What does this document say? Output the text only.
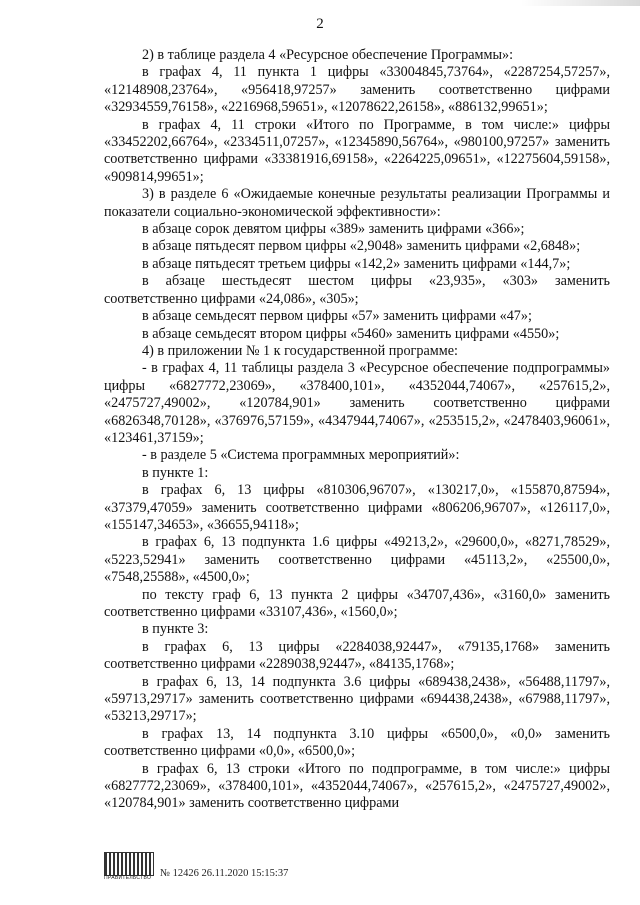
2

2) в таблице раздела 4 «Ресурсное обеспечение Программы»:

в графах 4, 11 пункта 1 цифры «33004845,73764», «2287254,57257», «12148908,23764», «956418,97257» заменить соответственно цифрами «32934559,76158», «2216968,59651», «12078622,26158», «886132,99651»;

в графах 4, 11 строки «Итого по Программе, в том числе:» цифры «33452202,66764», «2334511,07257», «12345890,56764», «980100,97257» заменить соответственно цифрами «33381916,69158», «2264225,09651», «12275604,59158», «909814,99651»;

3) в разделе 6 «Ожидаемые конечные результаты реализации Программы и показатели социально-экономической эффективности»:

в абзаце сорок девятом цифры «389» заменить цифрами «366»;

в абзаце пятьдесят первом цифры «2,9048» заменить цифрами «2,6848»;

в абзаце пятьдесят третьем цифры «142,2» заменить цифрами «144,7»;

в абзаце шестьдесят шестом цифры «23,935», «303» заменить соответственно цифрами «24,086», «305»;

в абзаце семьдесят первом цифры «57» заменить цифрами «47»;

в абзаце семьдесят втором цифры «5460» заменить цифрами «4550»;

4) в приложении № 1 к государственной программе:

- в графах 4, 11 таблицы раздела 3 «Ресурсное обеспечение подпрограммы» цифры «6827772,23069», «378400,101», «4352044,74067», «257615,2», «2475727,49002», «120784,901» заменить соответственно цифрами «6826348,70128», «376976,57159», «4347944,74067», «253515,2», «2478403,96061», «123461,37159»;

- в разделе 5 «Система программных мероприятий»:

в пункте 1:

в графах 6, 13 цифры «810306,96707», «130217,0», «155870,87594», «37379,47059» заменить соответственно цифрами «806206,96707», «126117,0», «155147,34653», «36655,94118»;

в графах 6, 13 подпункта 1.6 цифры «49213,2», «29600,0», «8271,78529», «5223,52941» заменить соответственно цифрами «45113,2», «25500,0», «7548,25588», «4500,0»;

по тексту граф 6, 13 пункта 2 цифры «34707,436», «3160,0» заменить соответственно цифрами «33107,436», «1560,0»;

в пункте 3:

в графах 6, 13 цифры «2284038,92447», «79135,1768» заменить соответственно цифрами «2289038,92447», «84135,1768»;

в графах 6, 13, 14 подпункта 3.6 цифры «689438,2438», «56488,11797», «59713,29717» заменить соответственно цифрами «694438,2438», «67988,11797», «53213,29717»;

в графах 13, 14 подпункта 3.10 цифры «6500,0», «0,0» заменить соответственно цифрами «0,0», «6500,0»;

в графах 6, 13 строки «Итого по подпрограмме, в том числе:» цифры «6827772,23069», «378400,101», «4352044,74067», «257615,2», «2475727,49002», «120784,901» заменить соответственно цифрами

ПРАВИТЕЛЬСТВО № 12426 26.11.2020 15:15:37
